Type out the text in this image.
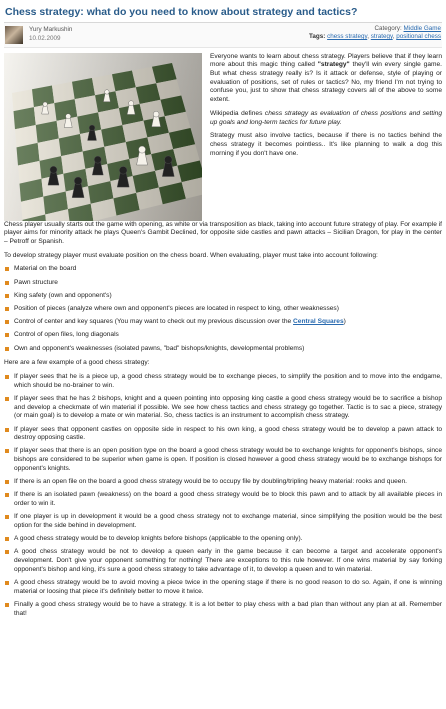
Chess strategy: what do you need to know about strategy and tactics?
Yury Markushin
10.02.2009
Category: Middle Game
Tags: chess strategy, strategy, positional chess

Everyone wants to learn about chess strategy. Players believe that if they learn more about this magic thing called "strategy" they'll win every single game. But what chess strategy really is? Is it attack or defense, style of playing or evaluation of positions, set of rules or tactics? No, my friend I'm not trying to confuse you, just to show that chess strategy covers all of the above to some extent.

Wikipedia defines chess strategy as evaluation of chess positions and setting up goals and long-term tactics for future play.

Strategy must also involve tactics, because if there is no tactics behind the chess strategy it becomes pointless.. It's like planning to walk a dog this morning if you don't have one.

Chess player usually starts out the game with opening, as white or via transposition as black, taking into account future strategy of play. For example if player aims for minority attack he plays Queen's Gambit Declined, for opposite side castles and pawn attacks – Sicilian Dragon, for play in the center – Petroff or Spanish.

To develop strategy player must evaluate position on the chess board. When evaluating, player must take into account following:

Material on the board
Pawn structure
King safety (own and opponent's)
Position of pieces (analyze where own and opponent's pieces are located in respect to king, other weaknesses)
Control of center and key squares (You may want to check out my previous discussion over the Central Squares)
Control of open files, long diagonals
Own and opponent's weaknesses (isolated pawns, "bad" bishops/knights, developmental problems)

Here are a few example of a good chess strategy:

If player sees that he is a piece up, a good chess strategy would be to exchange pieces, to simplify the position and to move into the endgame, which should be no-brainer to win.
If player sees that he has 2 bishops, knight and a queen pointing into opposing king castle a good chess strategy would be to sacrifice a bishop and develop a checkmate of win material if possible. We see how chess tactics and chess strategy go together. Tactic is to sac a piece, strategy (or main goal) is to develop a mate or win material. So, chess tactics is an instrument to accomplish chess strategy.
If player sees that opponent castles on opposite side in respect to his own king, a good chess strategy would be to develop a pawn attack to destroy opposing castle.
If player sees that there is an open position type on the board a good chess strategy would be to exchange knights for opponent's bishops, since bishops are considered to be superior when game is open. If position is closed however a good chess strategy would be to exchange bishops for opponent's knights.
If there is an open file on the board a good chess strategy would be to occupy file by doubling/tripling heavy material: rooks and queen.
If there is an isolated pawn (weakness) on the board a good chess strategy would be to block this pawn and to attack by all available pieces in order to win it.
If one player is up in development it would be a good chess strategy not to exchange material, since simplifying the position would be the best option for the side behind in development.
A good chess strategy would be to develop knights before bishops (applicable to the opening only).
A good chess strategy would be not to develop a queen early in the game because it can become a target and accelerate opponent's development. Don't give your opponent something for nothing! There are exceptions to this rule however. If one wins material by say forking opponent's bishop and king, it's sure a good chess strategy to take advantage of it, to develop a queen and to win material.
A good chess strategy would be to avoid moving a piece twice in the opening stage if there is no good reason to do so. Again, if one is winning material or loosing that piece it's definitely better to move it twice.
Finally a good chess strategy would be to have a strategy. It is a lot better to play chess with a bad plan than without any plan at all. Remember that!
